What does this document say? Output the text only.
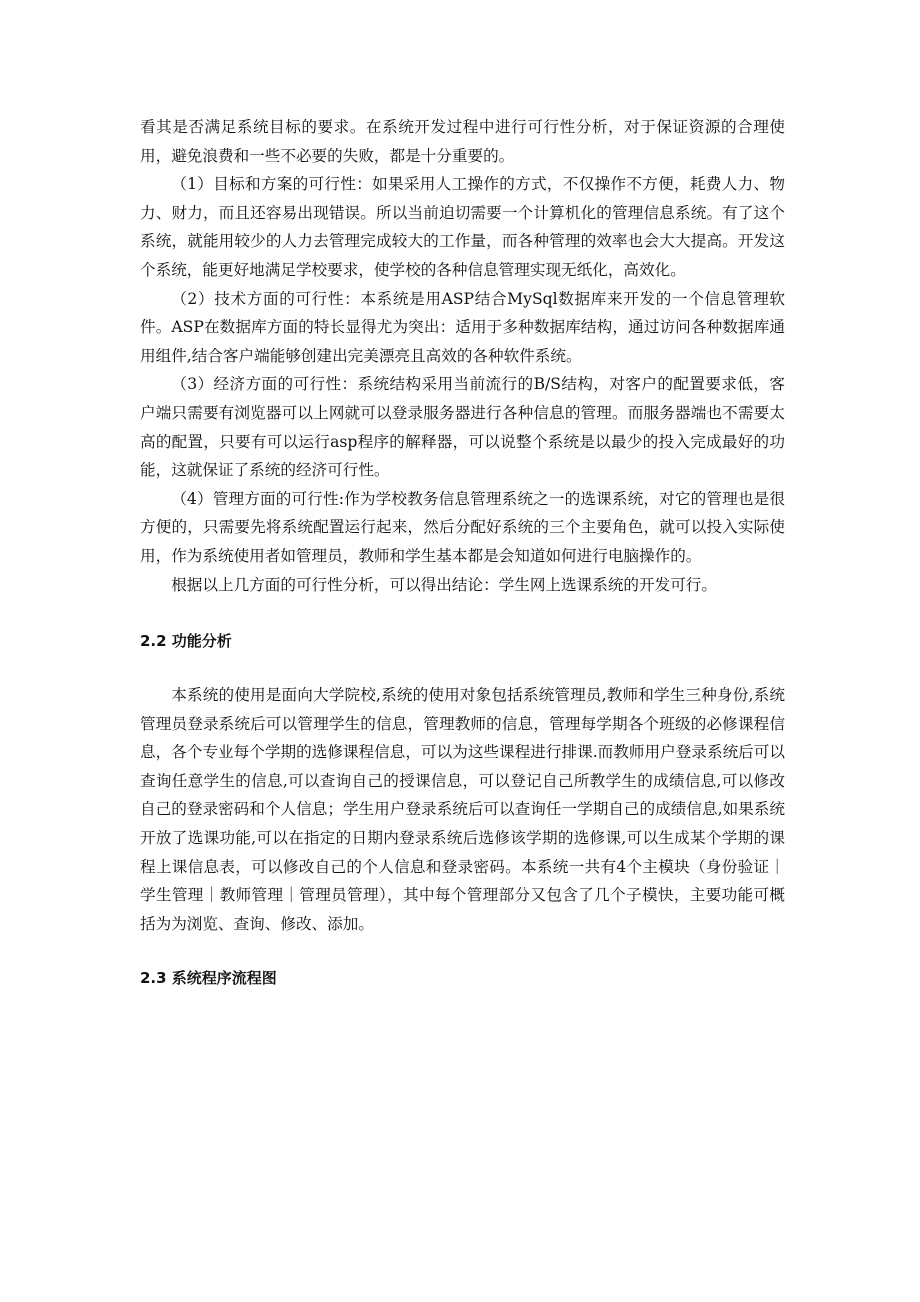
看其是否满足系统目标的要求。在系统开发过程中进行可行性分析，对于保证资源的合理使用，避免浪费和一些不必要的失败，都是十分重要的。

（1）目标和方案的可行性：如果采用人工操作的方式，不仅操作不方便，耗费人力、物力、财力，而且还容易出现错误。所以当前迫切需要一个计算机化的管理信息系统。有了这个系统，就能用较少的人力去管理完成较大的工作量，而各种管理的效率也会大大提高。开发这个系统，能更好地满足学校要求，使学校的各种信息管理实现无纸化，高效化。

（2）技术方面的可行性：本系统是用ASP结合MySql数据库来开发的一个信息管理软件。ASP在数据库方面的特长显得尤为突出：适用于多种数据库结构，通过访问各种数据库通用组件,结合客户端能够创建出完美漂亮且高效的各种软件系统。

（3）经济方面的可行性：系统结构采用当前流行的B/S结构，对客户的配置要求低，客户端只需要有浏览器可以上网就可以登录服务器进行各种信息的管理。而服务器端也不需要太高的配置，只要有可以运行asp程序的解释器，可以说整个系统是以最少的投入完成最好的功能，这就保证了系统的经济可行性。

（4）管理方面的可行性:作为学校教务信息管理系统之一的选课系统，对它的管理也是很方便的，只需要先将系统配置运行起来，然后分配好系统的三个主要角色，就可以投入实际使用，作为系统使用者如管理员，教师和学生基本都是会知道如何进行电脑操作的。

根据以上几方面的可行性分析，可以得出结论：学生网上选课系统的开发可行。

2.2 功能分析

本系统的使用是面向大学院校,系统的使用对象包括系统管理员,教师和学生三种身份,系统管理员登录系统后可以管理学生的信息，管理教师的信息，管理每学期各个班级的必修课程信息，各个专业每个学期的选修课程信息，可以为这些课程进行排课.而教师用户登录系统后可以查询任意学生的信息,可以查询自己的授课信息，可以登记自己所教学生的成绩信息,可以修改自己的登录密码和个人信息；学生用户登录系统后可以查询任一学期自己的成绩信息,如果系统开放了选课功能,可以在指定的日期内登录系统后选修该学期的选修课,可以生成某个学期的课程上课信息表，可以修改自己的个人信息和登录密码。本系统一共有4个主模块（身份验证｜学生管理｜教师管理｜管理员管理），其中每个管理部分又包含了几个子模快，主要功能可概括为为浏览、查询、修改、添加。

2.3 系统程序流程图
